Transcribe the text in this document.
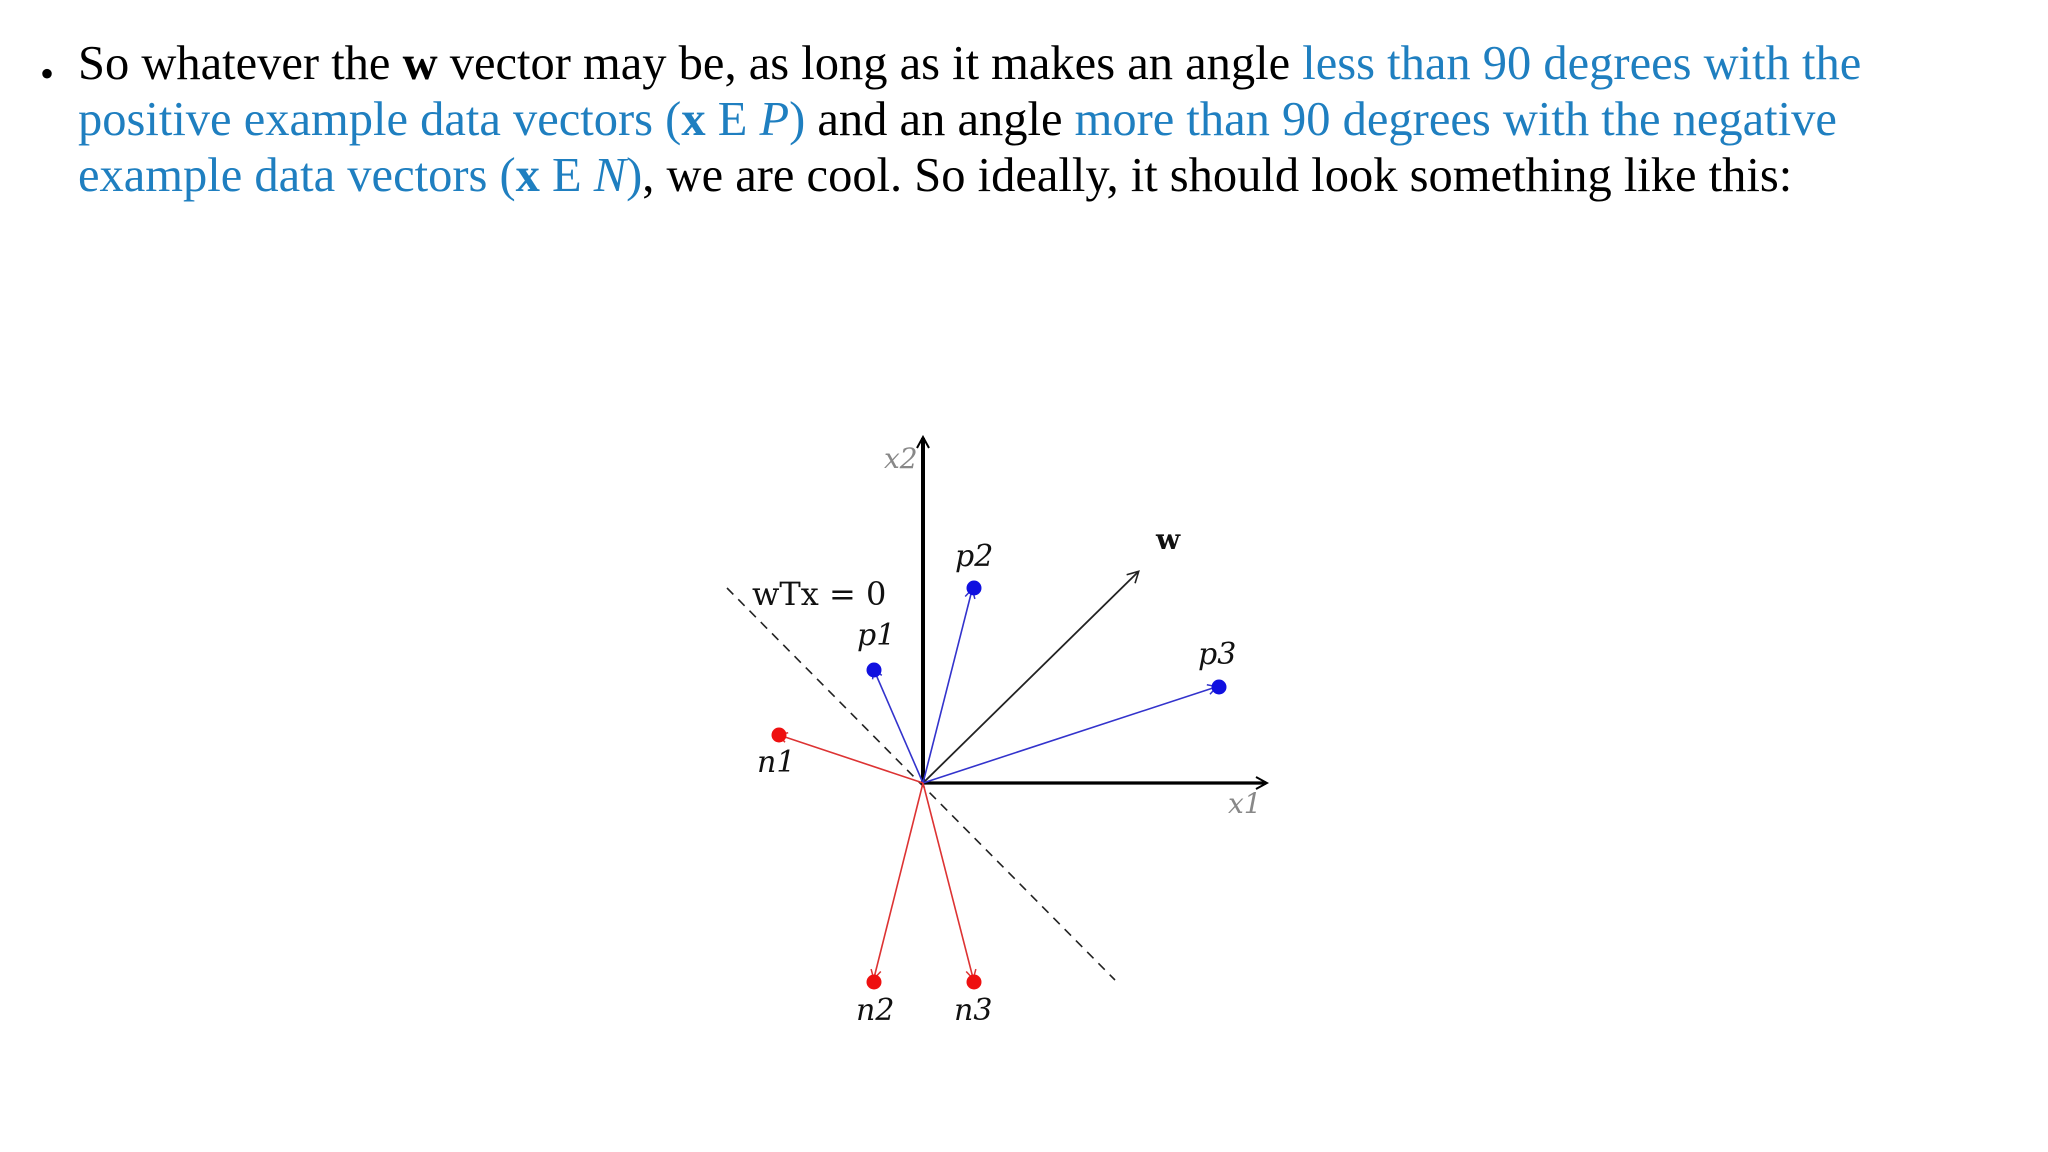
• So whatever the w vector may be, as long as it makes an angle less than 90 degrees with the positive example data vectors (x E P) and an angle more than 90 degrees with the negative example data vectors (x E N), we are cool. So ideally, it should look something like this:
x2
x1
w
wTx = 0
p1
p2
p3
n1
n2 n3
